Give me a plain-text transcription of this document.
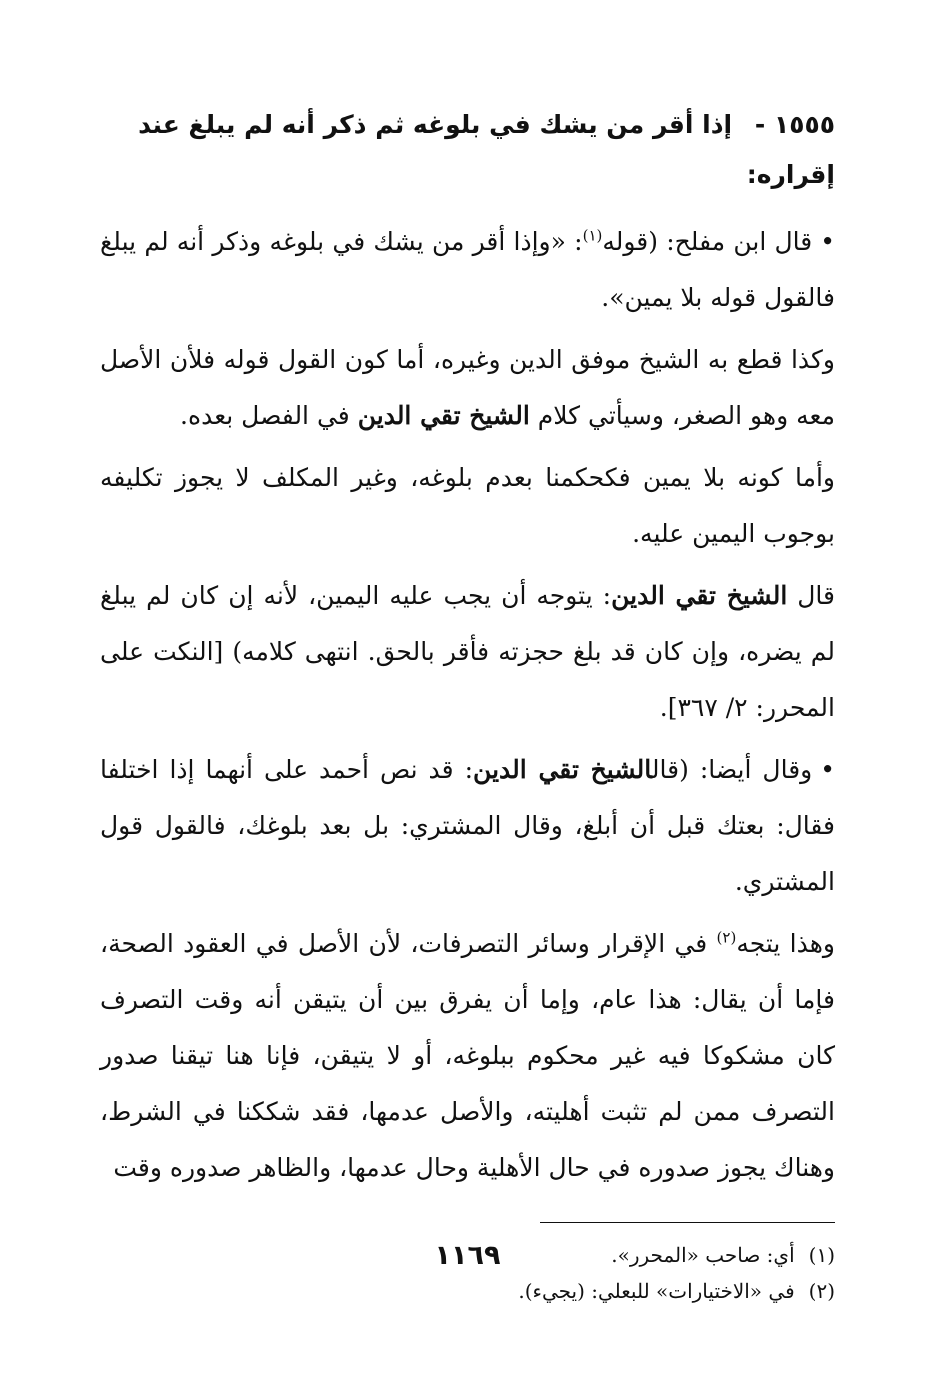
١٥٥٥ - إذا أقر من يشك في بلوغه ثم ذكر أنه لم يبلغ عند إقراره:

•قال ابن مفلح: (قوله$^{(١)}$: «وإذا أقر من يشك في بلوغه وذكر أنه لم يبلغ فالقول قوله بلا يمين».

وكذا قطع به الشيخ موفق الدين وغيره، أما كون القول قوله فلأن الأصل معه وهو الصغر، وسيأتي كلام الشيخ تقي الدين في الفصل بعده.

وأما كونه بلا يمين فكحكمنا بعدم بلوغه، وغير المكلف لا يجوز تكليفه بوجوب اليمين عليه.

قال الشيخ تقي الدين: يتوجه أن يجب عليه اليمين، لأنه إن كان لم يبلغ لم يضره، وإن كان قد بلغ حجزته فأقر بالحق. انتهى كلامه) [النكت على المحرر: ٢/ ٣٦٧].

•وقال أيضا: (قالالشيخ تقي الدين: قد نص أحمد على أنهما إذا اختلفا فقال: بعتك قبل أن أبلغ، وقال المشتري: بل بعد بلوغك، فالقول قول المشتري.

وهذا يتجه$^{(٢)}$ في الإقرار وسائر التصرفات، لأن الأصل في العقود الصحة، فإما أن يقال: هذا عام، وإما أن يفرق بين أن يتيقن أنه وقت التصرف كان مشكوكا فيه غير محكوم ببلوغه، أو لا يتيقن، فإنا هنا تيقنا صدور التصرف ممن لم تثبت أهليته، والأصل عدمها، فقد شككنا في الشرط، وهناك يجوز صدوره في حال الأهلية وحال عدمها، والظاهر صدوره وقت

(١)أي: صاحب «المحرر».

(٢)في «الاختيارات» للبعلي: (يجيء).

١١٦٩
